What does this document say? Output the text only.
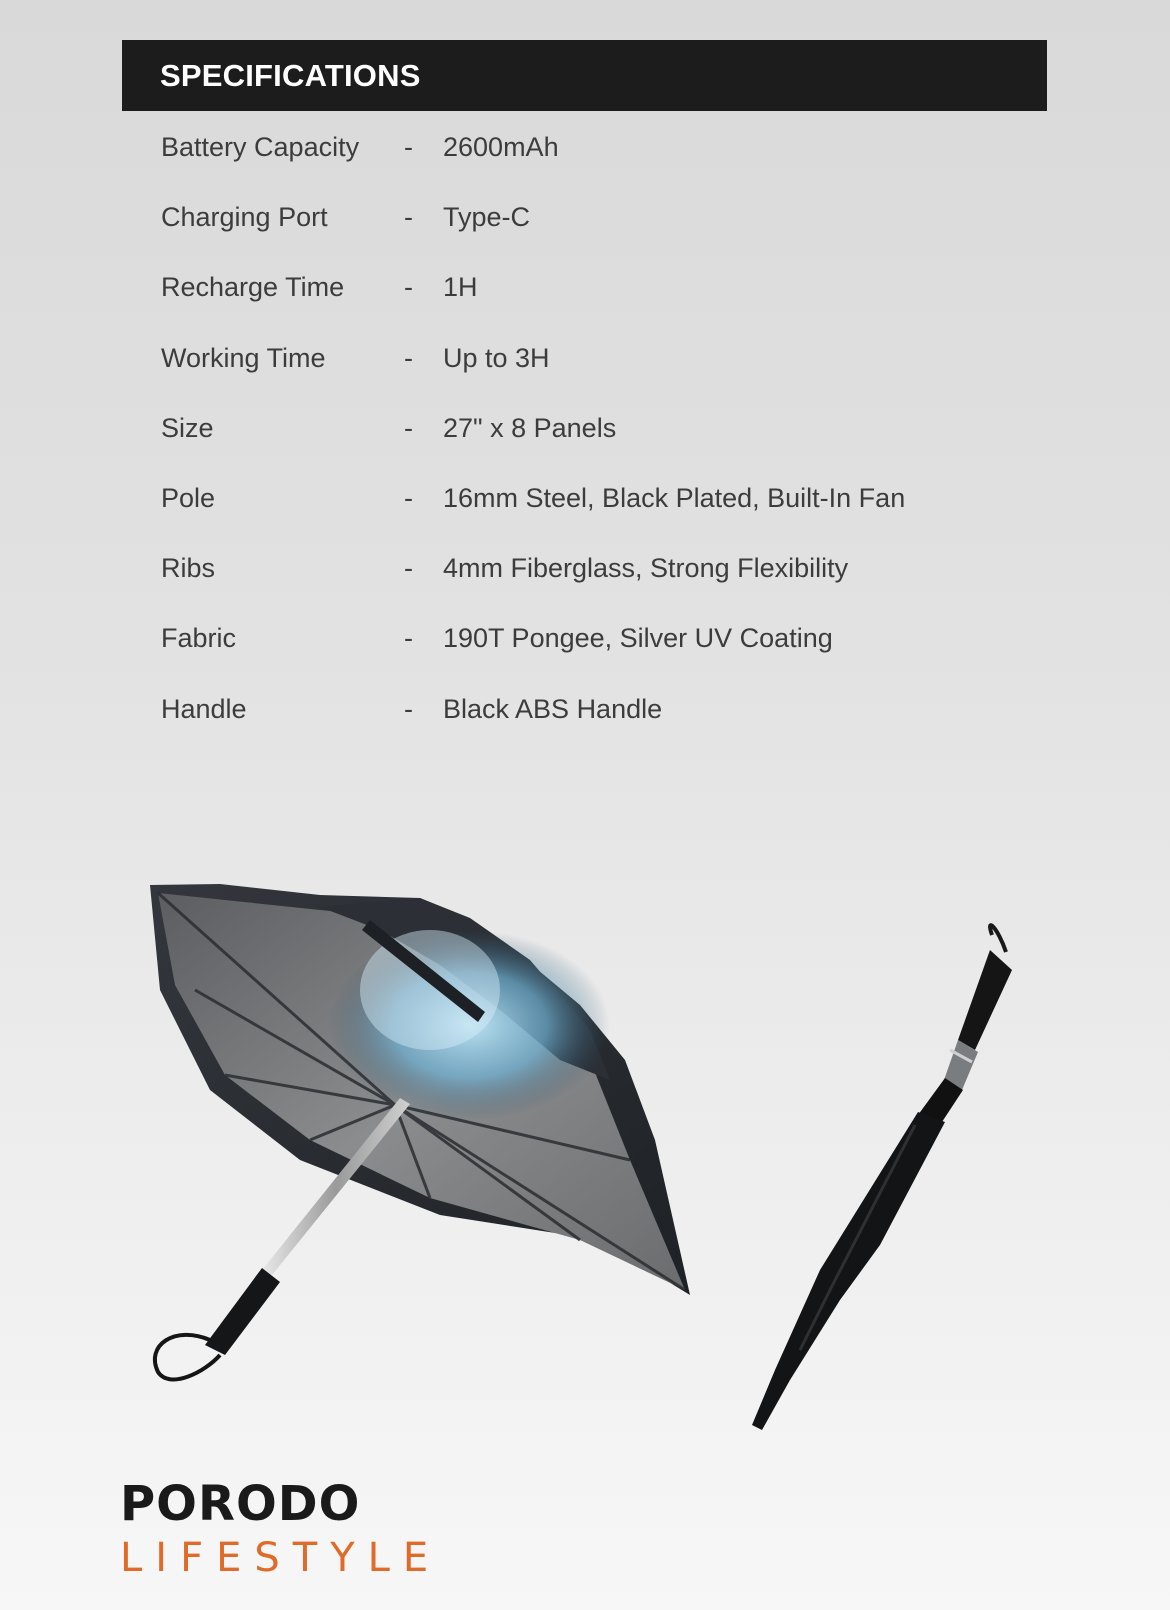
SPECIFICATIONS
Battery Capacity - 2600mAh
Charging Port	- Type-C
Recharge Time - 1H
Working Time	- Up to 3H
Size	- 27" x 8 Panels
Pole	- 16mm Steel, Black Plated, Built-In Fan
Ribs	- 4mm Fiberglass, Strong Flexibility
Fabric	- 190T Pongee, Silver UV Coating
Handle	- Black ABS Handle
PORODO
LIFESTYLE
